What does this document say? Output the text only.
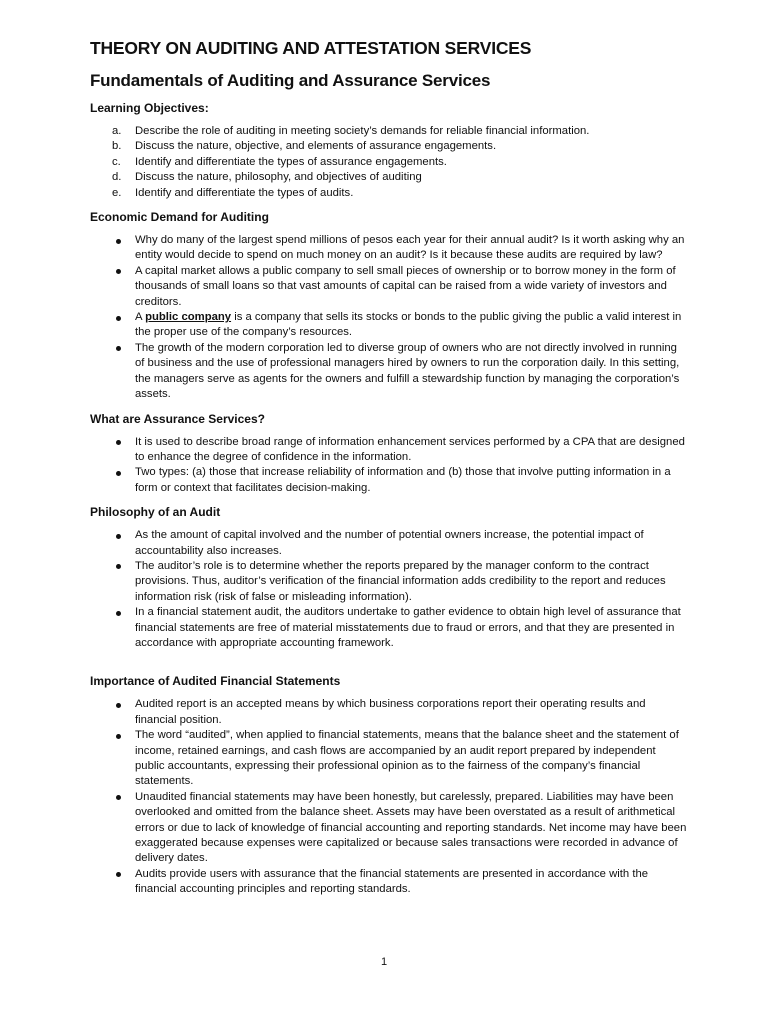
THEORY ON AUDITING AND ATTESTATION SERVICES
Fundamentals of Auditing and Assurance Services
Learning Objectives:
a. Describe the role of auditing in meeting society’s demands for reliable financial information.
b. Discuss the nature, objective, and elements of assurance engagements.
c. Identify and differentiate the types of assurance engagements.
d. Discuss the nature, philosophy, and objectives of auditing
e. Identify and differentiate the types of audits.
Economic Demand for Auditing
Why do many of the largest spend millions of pesos each year for their annual audit? Is it worth asking why an entity would decide to spend on much money on an audit? Is it because these audits are required by law?
A capital market allows a public company to sell small pieces of ownership or to borrow money in the form of thousands of small loans so that vast amounts of capital can be raised from a wide variety of investors and creditors.
A public company is a company that sells its stocks or bonds to the public giving the public a valid interest in the proper use of the company’s resources.
The growth of the modern corporation led to diverse group of owners who are not directly involved in running of business and the use of professional managers hired by owners to run the corporation daily. In this setting, the managers serve as agents for the owners and fulfill a stewardship function by managing the corporation’s assets.
What are Assurance Services?
It is used to describe broad range of information enhancement services performed by a CPA that are designed to enhance the degree of confidence in the information.
Two types: (a) those that increase reliability of information and (b) those that involve putting information in a form or context that facilitates decision-making.
Philosophy of an Audit
As the amount of capital involved and the number of potential owners increase, the potential impact of accountability also increases.
The auditor’s role is to determine whether the reports prepared by the manager conform to the contract provisions. Thus, auditor’s verification of the financial information adds credibility to the report and reduces information risk (risk of false or misleading information).
In a financial statement audit, the auditors undertake to gather evidence to obtain high level of assurance that financial statements are free of material misstatements due to fraud or errors, and that they are presented in accordance with appropriate accounting framework.
Importance of Audited Financial Statements
Audited report is an accepted means by which business corporations report their operating results and financial position.
The word “audited”, when applied to financial statements, means that the balance sheet and the statement of income, retained earnings, and cash flows are accompanied by an audit report prepared by independent public accountants, expressing their professional opinion as to the fairness of the company’s financial statements.
Unaudited financial statements may have been honestly, but carelessly, prepared. Liabilities may have been overlooked and omitted from the balance sheet. Assets may have been overstated as a result of arithmetical errors or due to lack of knowledge of financial accounting and reporting standards. Net income may have been exaggerated because expenses were capitalized or because sales transactions were recorded in advance of delivery dates.
Audits provide users with assurance that the financial statements are presented in accordance with the financial accounting principles and reporting standards.
1
